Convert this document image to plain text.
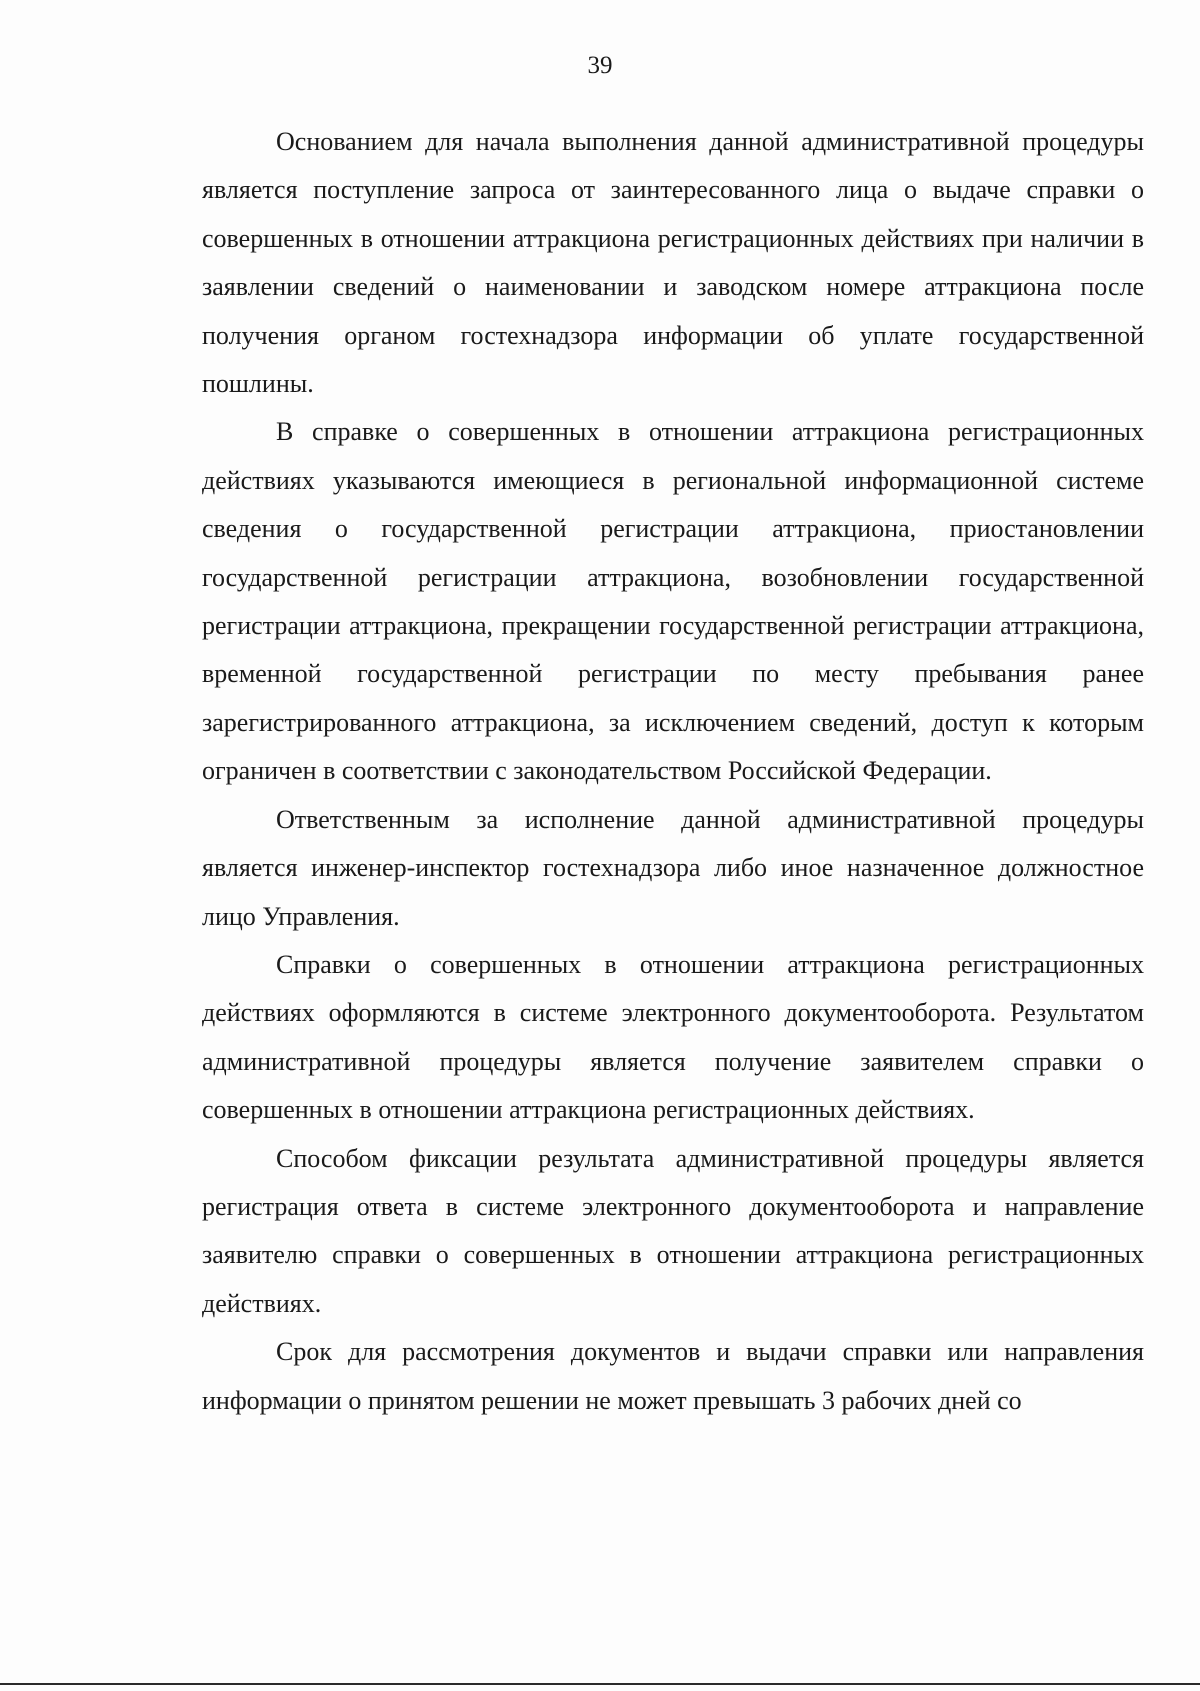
39

Основанием для начала выполнения данной административной процедуры является поступление запроса от заинтересованного лица о выдаче справки о совершенных в отношении аттракциона регистрационных действиях при наличии в заявлении сведений о наименовании и заводском номере аттракциона после получения органом гостехнадзора информации об уплате государственной пошлины.

В справке о совершенных в отношении аттракциона регистрационных действиях указываются имеющиеся в региональной информационной системе сведения о государственной регистрации аттракциона, приостановлении государственной регистрации аттракциона, возобновлении государственной регистрации аттракциона, прекращении государственной регистрации аттракциона, временной государственной регистрации по месту пребывания ранее зарегистрированного аттракциона, за исключением сведений, доступ к которым ограничен в соответствии с законодательством Российской Федерации.

Ответственным за исполнение данной административной процедуры является инженер-инспектор гостехнадзора либо иное назначенное должностное лицо Управления.

Справки о совершенных в отношении аттракциона регистрационных действиях оформляются в системе электронного документооборота. Результатом административной процедуры является получение заявителем справки о совершенных в отношении аттракциона регистрационных действиях.

Способом фиксации результата административной процедуры является регистрация ответа в системе электронного документооборота и направление заявителю справки о совершенных в отношении аттракциона регистрационных действиях.

Срок для рассмотрения документов и выдачи справки или направления информации о принятом решении не может превышать 3 рабочих дней со
